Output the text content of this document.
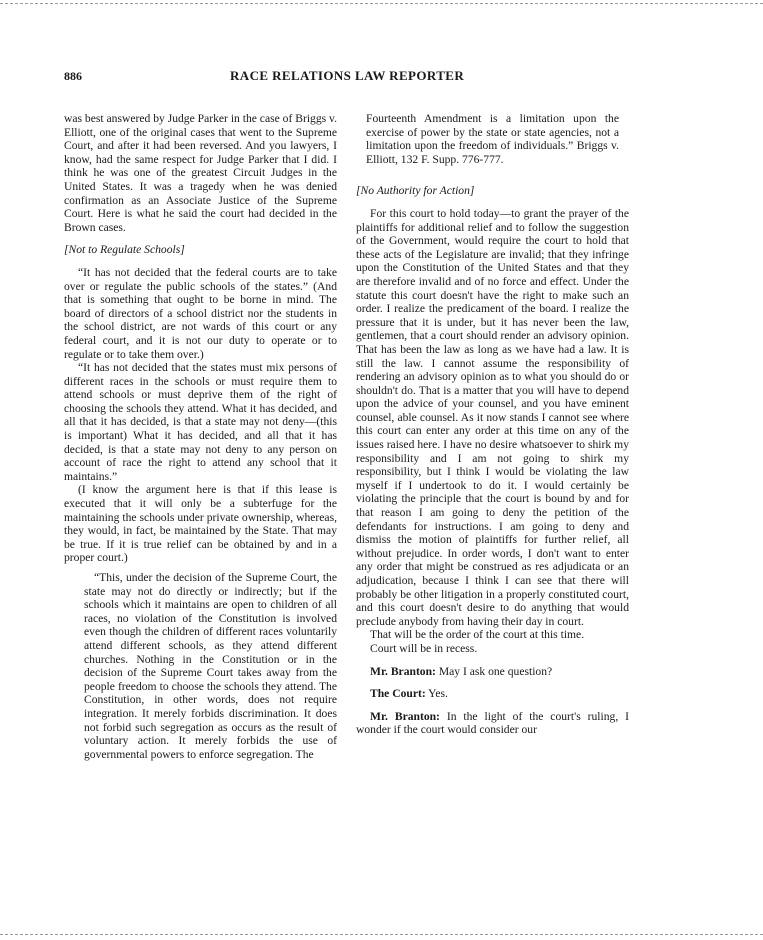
886	RACE RELATIONS LAW REPORTER

was best answered by Judge Parker in the case of Briggs v. Elliott, one of the original cases that went to the Supreme Court, and after it had been reversed. And you lawyers, I know, had the same respect for Judge Parker that I did. I think he was one of the greatest Circuit Judges in the United States. It was a tragedy when he was denied confirmation as an Associate Justice of the Supreme Court. Here is what he said the court had decided in the Brown cases.

[Not to Regulate Schools]

“It has not decided that the federal courts are to take over or regulate the public schools of the states.” (And that is something that ought to be borne in mind. The board of directors of a school district nor the students in the school district, are not wards of this court or any federal court, and it is not our duty to operate or to regulate or to take them over.)

“It has not decided that the states must mix persons of different races in the schools or must require them to attend schools or must deprive them of the right of choosing the schools they attend. What it has decided, and all that it has decided, is that a state may not deny—(this is important) What it has decided, and all that it has decided, is that a state may not deny to any person on account of race the right to attend any school that it maintains.”

(I know the argument here is that if this lease is executed that it will only be a subterfuge for the maintaining the schools under private ownership, whereas, they would, in fact, be maintained by the State. That may be true. If it is true relief can be obtained by and in a proper court.)

“This, under the decision of the Supreme Court, the state may not do directly or indirectly; but if the schools which it maintains are open to children of all races, no violation of the Constitution is involved even though the children of different races voluntarily attend different schools, as they attend different churches. Nothing in the Constitution or in the decision of the Supreme Court takes away from the people freedom to choose the schools they attend. The Constitution, in other words, does not require integration. It merely forbids discrimination. It does not forbid such segregation as occurs as the result of voluntary action. It merely forbids the use of governmental powers to enforce segregation. The

Fourteenth Amendment is a limitation upon the exercise of power by the state or state agencies, not a limitation upon the freedom of individuals.” Briggs v. Elliott, 132 F. Supp. 776-777.

[No Authority for Action]

For this court to hold today—to grant the prayer of the plaintiffs for additional relief and to follow the suggestion of the Government, would require the court to hold that these acts of the Legislature are invalid; that they infringe upon the Constitution of the United States and that they are therefore invalid and of no force and effect. Under the statute this court doesn't have the right to make such an order. I realize the predicament of the board. I realize the pressure that it is under, but it has never been the law, gentlemen, that a court should render an advisory opinion. That has been the law as long as we have had a law. It is still the law. I cannot assume the responsibility of rendering an advisory opinion as to what you should do or shouldn't do. That is a matter that you will have to depend upon the advice of your counsel, and you have eminent counsel, able counsel. As it now stands I cannot see where this court can enter any order at this time on any of the issues raised here. I have no desire whatsoever to shirk my responsibility and I am not going to shirk my responsibility, but I think I would be violating the law myself if I undertook to do it. I would certainly be violating the principle that the court is bound by and for that reason I am going to deny the petition of the defendants for instructions. I am going to deny and dismiss the motion of plaintiffs for further relief, all without prejudice. In order words, I don't want to enter any order that might be construed as res adjudicata or an adjudication, because I think I can see that there will probably be other litigation in a properly constituted court, and this court doesn't desire to do anything that would preclude anybody from having their day in court.

That will be the order of the court at this time.

Court will be in recess.

Mr. Branton: May I ask one question?

The Court: Yes.

Mr. Branton: In the light of the court's ruling, I wonder if the court would consider our
